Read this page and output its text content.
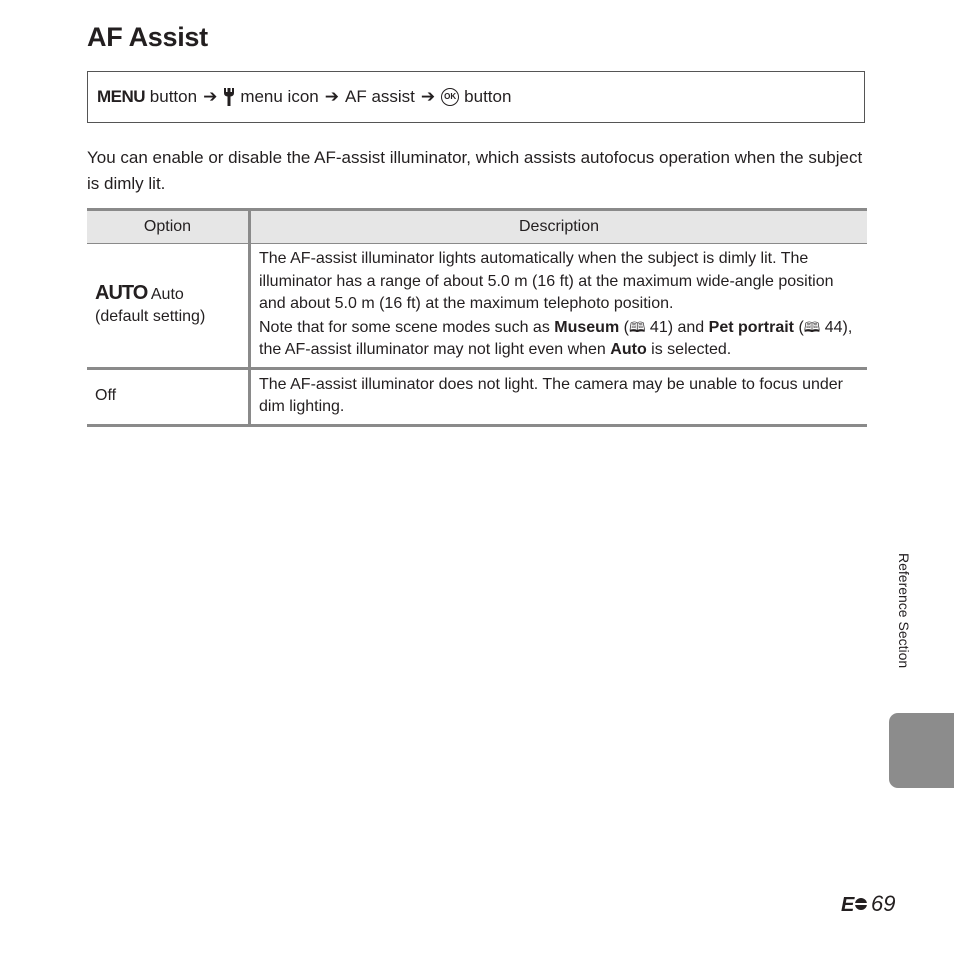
AF Assist
MENU
button ➔ menu icon ➔ AF assist ➔	OK button

You can enable or disable the AF-assist illuminator, which assists autofocus operation when the subject is dimly lit.

Option	Description
AUTO Auto
(default setting)	The AF-assist illuminator lights automatically when the subject is dimly lit. The illuminator has a range of about 5.0 m (16 ft) at the maximum wide-angle position and about 5.0 m (16 ft) at the maximum telephoto position.
Note that for some scene modes such as Museum (🕮 41) and Pet portrait (🕮 44), the AF-assist illuminator may not light even when Auto is selected.
Off	The AF-assist illuminator does not light. The camera may be unable to focus under dim lighting.
Reference Section
E 69
